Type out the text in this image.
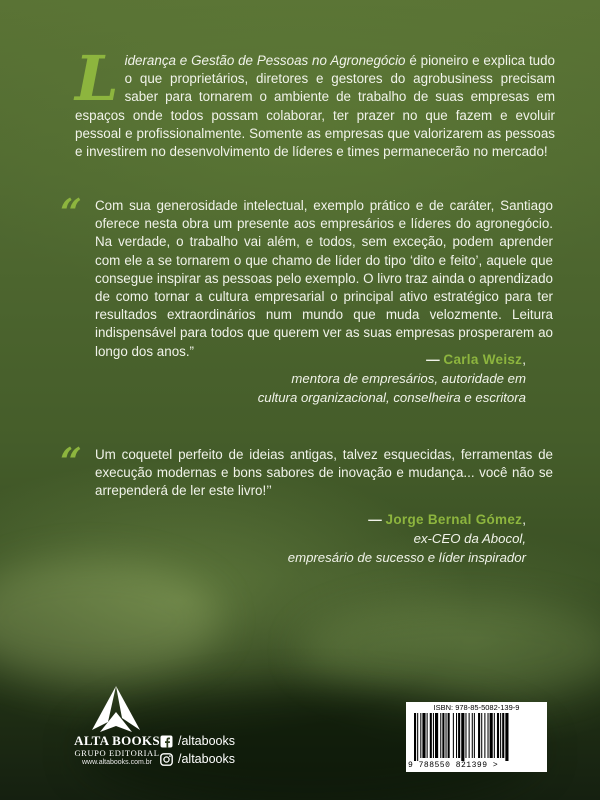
Liderança e Gestão de Pessoas no Agronegócio é pioneiro e explica tudo o que proprietários, diretores e gestores do agrobusiness precisam saber para tornarem o ambiente de trabalho de suas empresas em espaços onde todos possam colaborar, ter prazer no que fazem e evoluir pessoal e profissionalmente. Somente as empresas que valorizarem as pessoas e investirem no desenvolvimento de líderes e times permanecerão no mercado!
“ Com sua generosidade intelectual, exemplo prático e de caráter, Santiago oferece nesta obra um presente aos empresários e líderes do agronegócio. Na verdade, o trabalho vai além, e todos, sem exceção, podem aprender com ele a se tornarem o que chamo de líder do tipo ‘dito e feito’, aquele que consegue inspirar as pessoas pelo exemplo. O livro traz ainda o aprendizado de como tornar a cultura empresarial o principal ativo estratégico para ter resultados extraordinários num mundo que muda velozmente. Leitura indispensável para todos que querem ver as suas empresas prosperarem ao longo dos anos.”
— Carla Weisz,
mentora de empresários, autoridade em
cultura organizacional, conselheira e escritora
“ Um coquetel perfeito de ideias antigas, talvez esquecidas, ferramentas de execução modernas e bons sabores de inovação e mudança... você não se arrependerá de ler este livro!’’
— Jorge Bernal Gómez,
ex-CEO da Abocol,
empresário de sucesso e líder inspirador
ALTA BOOKS
GRUPO EDITORIAL
www.altabooks.com.br
/altabooks
/altabooks
ISBN: 978-85-5082-139-9
9 788550 821399 >
